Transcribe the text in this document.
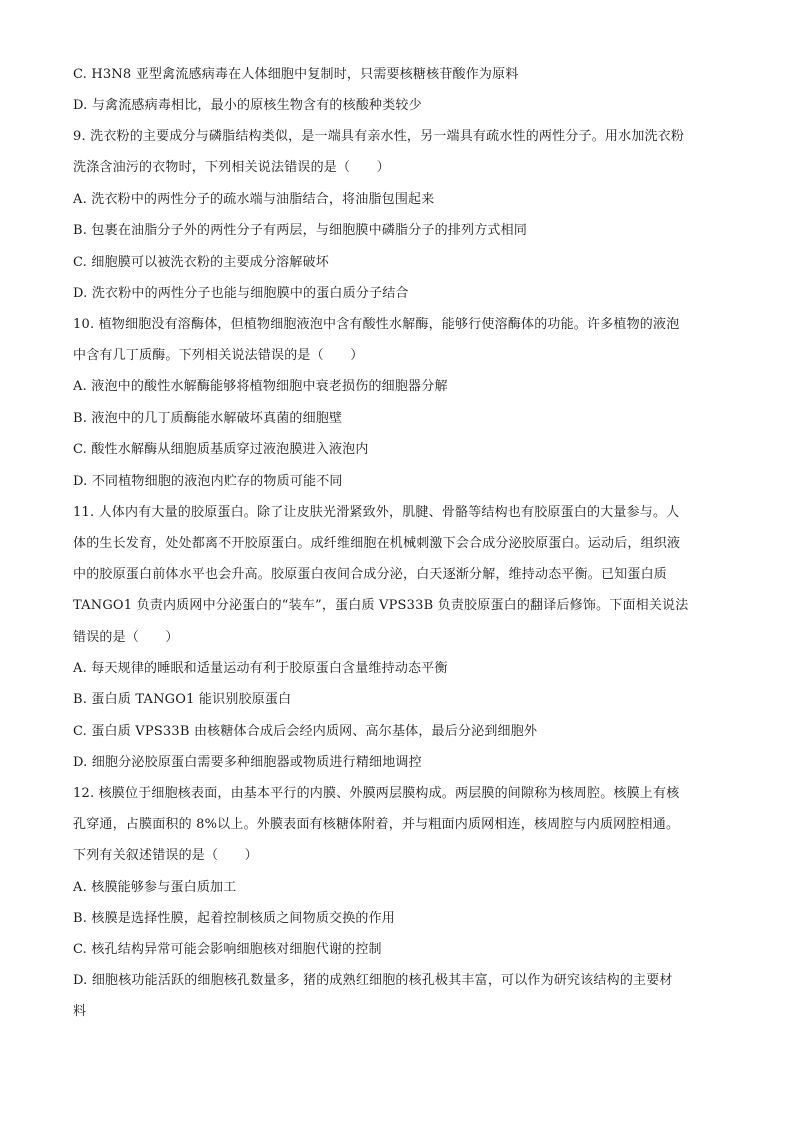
C. H3N8 亚型禽流感病毒在人体细胞中复制时，只需要核糖核苷酸作为原料
D. 与禽流感病毒相比，最小的原核生物含有的核酸种类较少
9. 洗衣粉的主要成分与磷脂结构类似，是一端具有亲水性，另一端具有疏水性的两性分子。用水加洗衣粉
洗涤含油污的衣物时，下列相关说法错误的是（　　）
A. 洗衣粉中的两性分子的疏水端与油脂结合，将油脂包围起来
B. 包裹在油脂分子外的两性分子有两层，与细胞膜中磷脂分子的排列方式相同
C. 细胞膜可以被洗衣粉的主要成分溶解破坏
D. 洗衣粉中的两性分子也能与细胞膜中的蛋白质分子结合
10. 植物细胞没有溶酶体，但植物细胞液泡中含有酸性水解酶，能够行使溶酶体的功能。许多植物的液泡
中含有几丁质酶。下列相关说法错误的是（　　）
A. 液泡中的酸性水解酶能够将植物细胞中衰老损伤的细胞器分解
B. 液泡中的几丁质酶能水解破坏真菌的细胞壁
C. 酸性水解酶从细胞质基质穿过液泡膜进入液泡内
D. 不同植物细胞的液泡内贮存的物质可能不同
11. 人体内有大量的胶原蛋白。除了让皮肤光滑紧致外，肌腱、骨骼等结构也有胶原蛋白的大量参与。人
体的生长发育，处处都离不开胶原蛋白。成纤维细胞在机械刺激下会合成分泌胶原蛋白。运动后，组织液
中的胶原蛋白前体水平也会升高。胶原蛋白夜间合成分泌，白天逐渐分解，维持动态平衡。已知蛋白质
TANGO1 负责内质网中分泌蛋白的“装车”，蛋白质 VPS33B 负责胶原蛋白的翻译后修饰。下面相关说法
错误的是（　　）
A. 每天规律的睡眠和适量运动有利于胶原蛋白含量维持动态平衡
B. 蛋白质 TANGO1 能识别胶原蛋白
C. 蛋白质 VPS33B 由核糖体合成后会经内质网、高尔基体，最后分泌到细胞外
D. 细胞分泌胶原蛋白需要多种细胞器或物质进行精细地调控
12. 核膜位于细胞核表面，由基本平行的内膜、外膜两层膜构成。两层膜的间隙称为核周腔。核膜上有核
孔穿通，占膜面积的 8%以上。外膜表面有核糖体附着，并与粗面内质网相连，核周腔与内质网腔相通。
下列有关叙述错误的是（　　）
A. 核膜能够参与蛋白质加工
B. 核膜是选择性膜，起着控制核质之间物质交换的作用
C. 核孔结构异常可能会影响细胞核对细胞代谢的控制
D. 细胞核功能活跃的细胞核孔数量多，猪的成熟红细胞的核孔极其丰富，可以作为研究该结构的主要材
料
